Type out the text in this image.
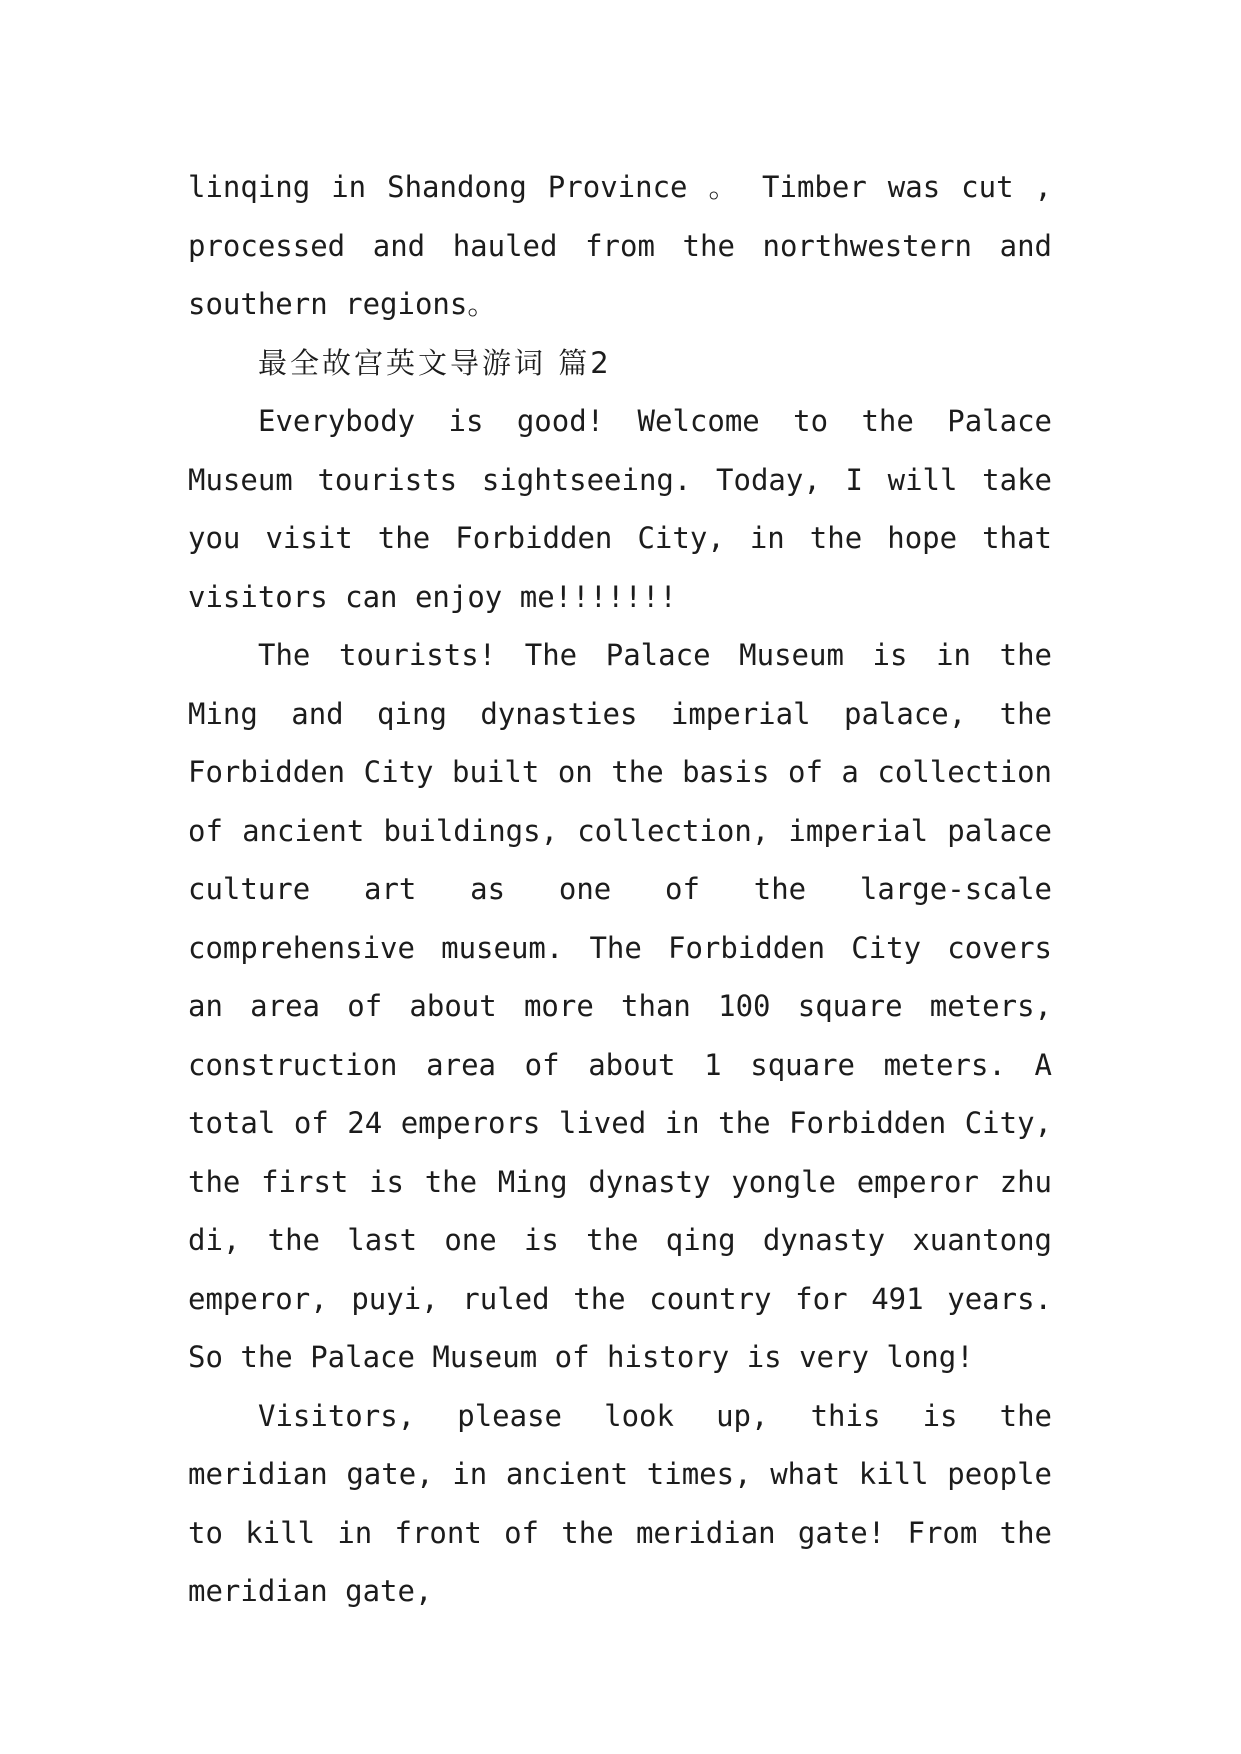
linqing in Shandong Province 。 Timber was cut , processed and hauled from the northwestern and southern regions。

最全故宫英文导游词 篇2

Everybody is good! Welcome to the Palace Museum tourists sightseeing. Today, I will take you visit the Forbidden City, in the hope that visitors can enjoy me!!!!!!!

The tourists! The Palace Museum is in the Ming and qing dynasties imperial palace, the Forbidden City built on the basis of a collection of ancient buildings, collection, imperial palace culture art as one of the large-scale comprehensive museum. The Forbidden City covers an area of about more than 100 square meters, construction area of about 1 square meters. A total of 24 emperors lived in the Forbidden City, the first is the Ming dynasty yongle emperor zhu di, the last one is the qing dynasty xuantong emperor, puyi, ruled the country for 491 years. So the Palace Museum of history is very long!

Visitors, please look up, this is the meridian gate, in ancient times, what kill people to kill in front of the meridian gate! From the meridian gate,
